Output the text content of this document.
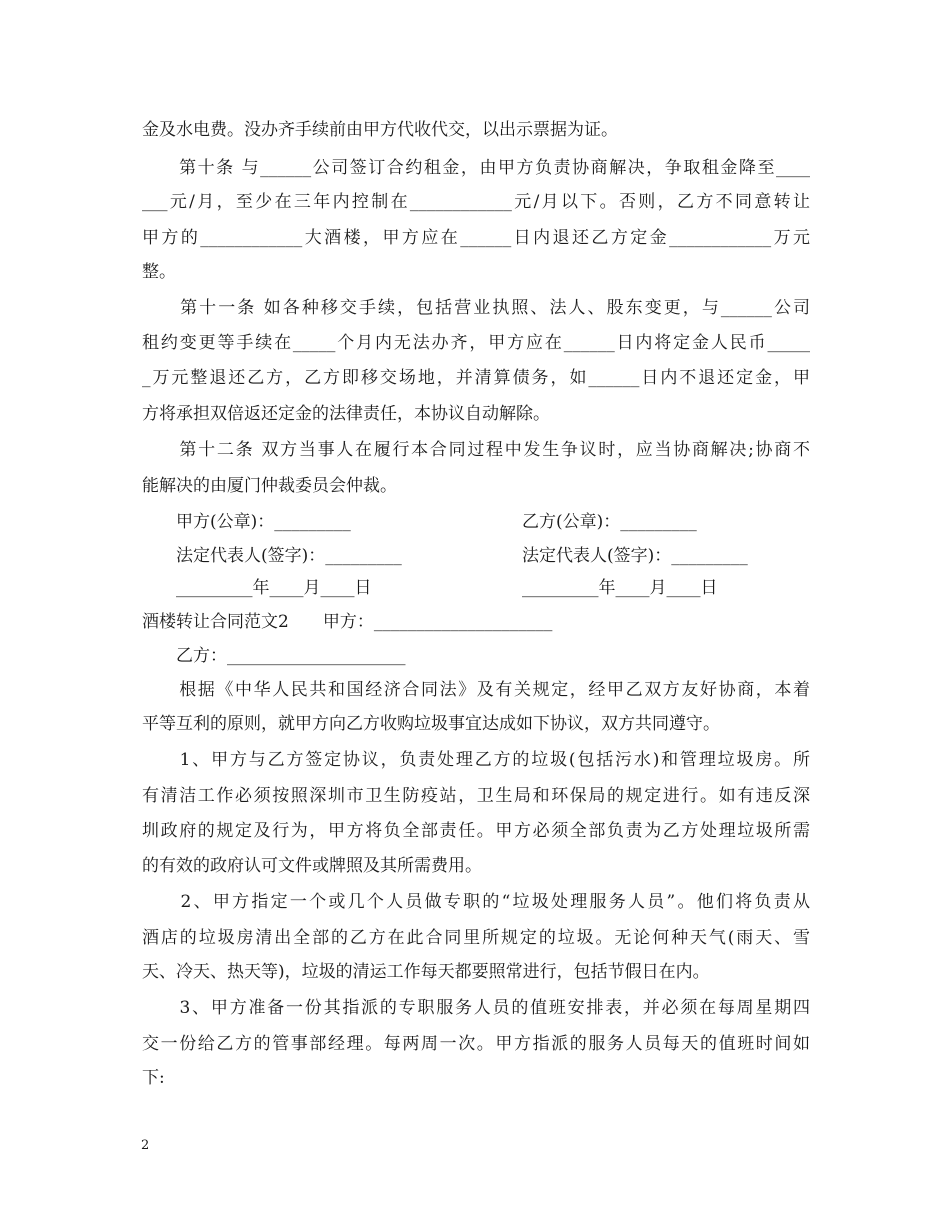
金及水电费。没办齐手续前由甲方代收代交，以出示票据为证。
　　第十条 与______公司签订合约租金，由甲方负责协商解决，争取租金降至____
___元/月，至少在三年内控制在____________元/月以下。否则，乙方不同意转让
甲方的____________大酒楼，甲方应在______日内退还乙方定金____________万元
整。
　　第十一条 如各种移交手续，包括营业执照、法人、股东变更，与______公司
租约变更等手续在_____个月内无法办齐，甲方应在______日内将定金人民币_____
_万元整退还乙方，乙方即移交场地，并清算债务，如______日内不退还定金，甲
方将承担双倍返还定金的法律责任，本协议自动解除。
　　第十二条 双方当事人在履行本合同过程中发生争议时，应当协商解决;协商不
能解决的由厦门仲裁委员会仲裁。
甲方(公章)：_________	乙方(公章)：_________
法定代表人(签字)：_________	法定代表人(签字)：_________
_________年____月____日	_________年____月____日
酒楼转让合同范文2　　甲方：_____________________
乙方：_____________________
　　根据《中华人民共和国经济合同法》及有关规定，经甲乙双方友好协商，本着
平等互利的原则，就甲方向乙方收购垃圾事宜达成如下协议，双方共同遵守。
　　1、甲方与乙方签定协议，负责处理乙方的垃圾(包括污水)和管理垃圾房。所
有清洁工作必须按照深圳市卫生防疫站，卫生局和环保局的规定进行。如有违反深
圳政府的规定及行为，甲方将负全部责任。甲方必须全部负责为乙方处理垃圾所需
的有效的政府认可文件或牌照及其所需费用。
　　2、甲方指定一个或几个人员做专职的“垃圾处理服务人员”。他们将负责从
酒店的垃圾房清出全部的乙方在此合同里所规定的垃圾。无论何种天气(雨天、雪
天、冷天、热天等)，垃圾的清运工作每天都要照常进行，包括节假日在内。
　　3、甲方准备一份其指派的专职服务人员的值班安排表，并必须在每周星期四
交一份给乙方的管事部经理。每两周一次。甲方指派的服务人员每天的值班时间如
下:
2
